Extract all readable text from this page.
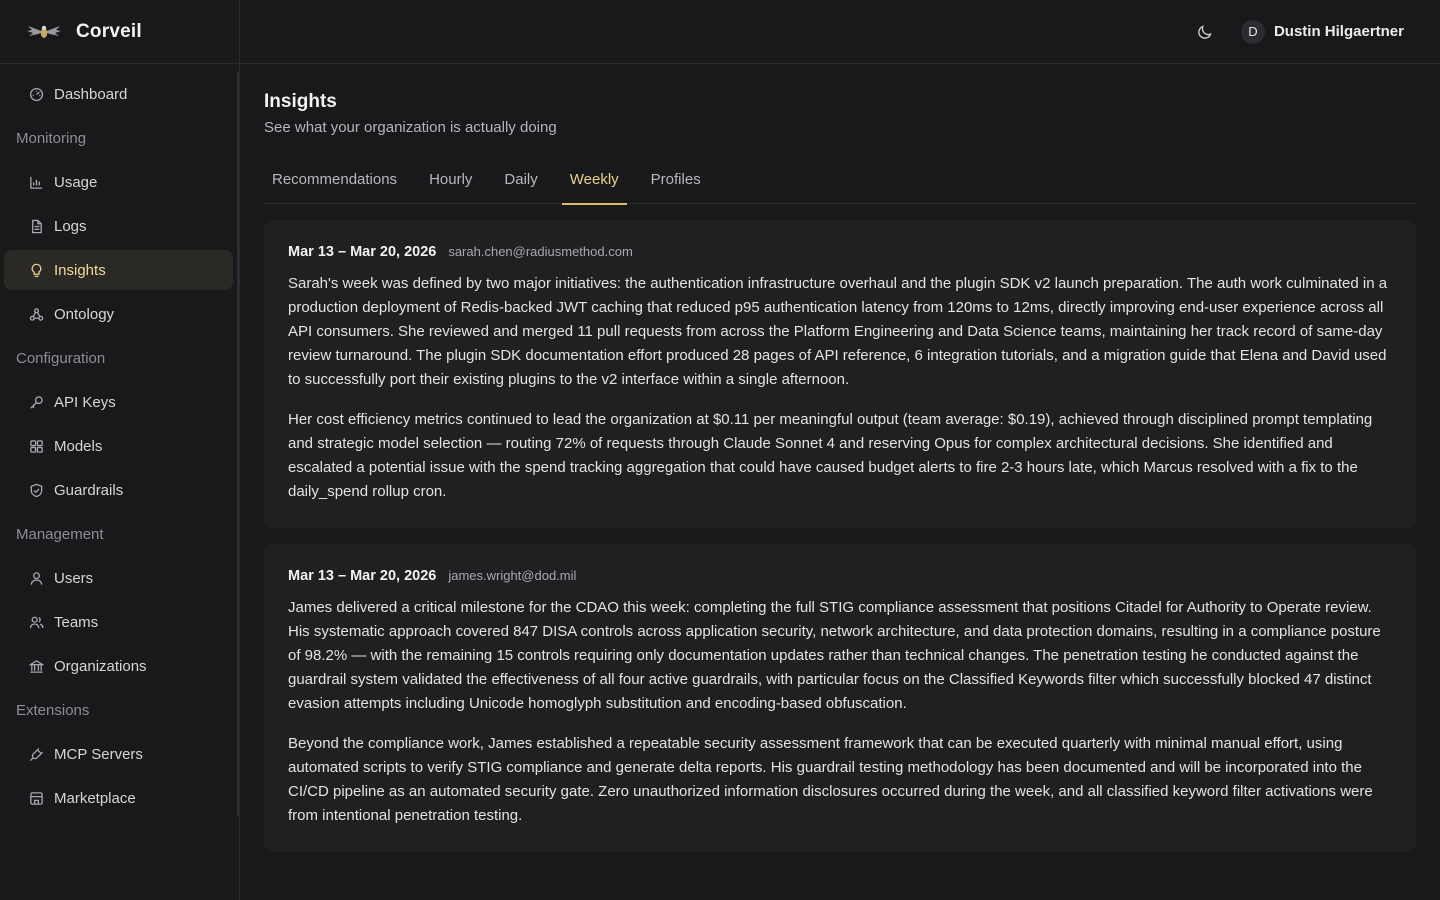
Corveil
Dashboard
Monitoring
Usage
Logs
Insights
Ontology
Configuration
API Keys
Models
Guardrails
Management
Users
Teams
Organizations
Extensions
MCP Servers
Marketplace
D	Dustin Hilgaertner
Insights
See what your organization is actually doing
Recommendations	Hourly	Daily	Weekly	Profiles
Mar 13 – Mar 20, 2026 sarah.chen@radiusmethod.com

Sarah's week was defined by two major initiatives: the authentication infrastructure overhaul and the plugin SDK v2 launch preparation. The auth work culminated in a production deployment of Redis-backed JWT caching that reduced p95 authentication latency from 120ms to 12ms, directly improving end-user experience across all API consumers. She reviewed and merged 11 pull requests from across the Platform Engineering and Data Science teams, maintaining her track record of same-day review turnaround. The plugin SDK documentation effort produced 28 pages of API reference, 6 integration tutorials, and a migration guide that Elena and David used to successfully port their existing plugins to the v2 interface within a single afternoon.

Her cost efficiency metrics continued to lead the organization at $0.11 per meaningful output (team average: $0.19), achieved through disciplined prompt templating and strategic model selection — routing 72% of requests through Claude Sonnet 4 and reserving Opus for complex architectural decisions. She identified and escalated a potential issue with the spend tracking aggregation that could have caused budget alerts to fire 2-3 hours late, which Marcus resolved with a fix to the daily_spend rollup cron.

Mar 13 – Mar 20, 2026 james.wright@dod.mil

James delivered a critical milestone for the CDAO this week: completing the full STIG compliance assessment that positions Citadel for Authority to Operate review. His systematic approach covered 847 DISA controls across application security, network architecture, and data protection domains, resulting in a compliance posture of 98.2% — with the remaining 15 controls requiring only documentation updates rather than technical changes. The penetration testing he conducted against the guardrail system validated the effectiveness of all four active guardrails, with particular focus on the Classified Keywords filter which successfully blocked 47 distinct evasion attempts including Unicode homoglyph substitution and encoding-based obfuscation.

Beyond the compliance work, James established a repeatable security assessment framework that can be executed quarterly with minimal manual effort, using automated scripts to verify STIG compliance and generate delta reports. His guardrail testing methodology has been documented and will be incorporated into the CI/CD pipeline as an automated security gate. Zero unauthorized information disclosures occurred during the week, and all classified keyword filter activations were from intentional penetration testing.
